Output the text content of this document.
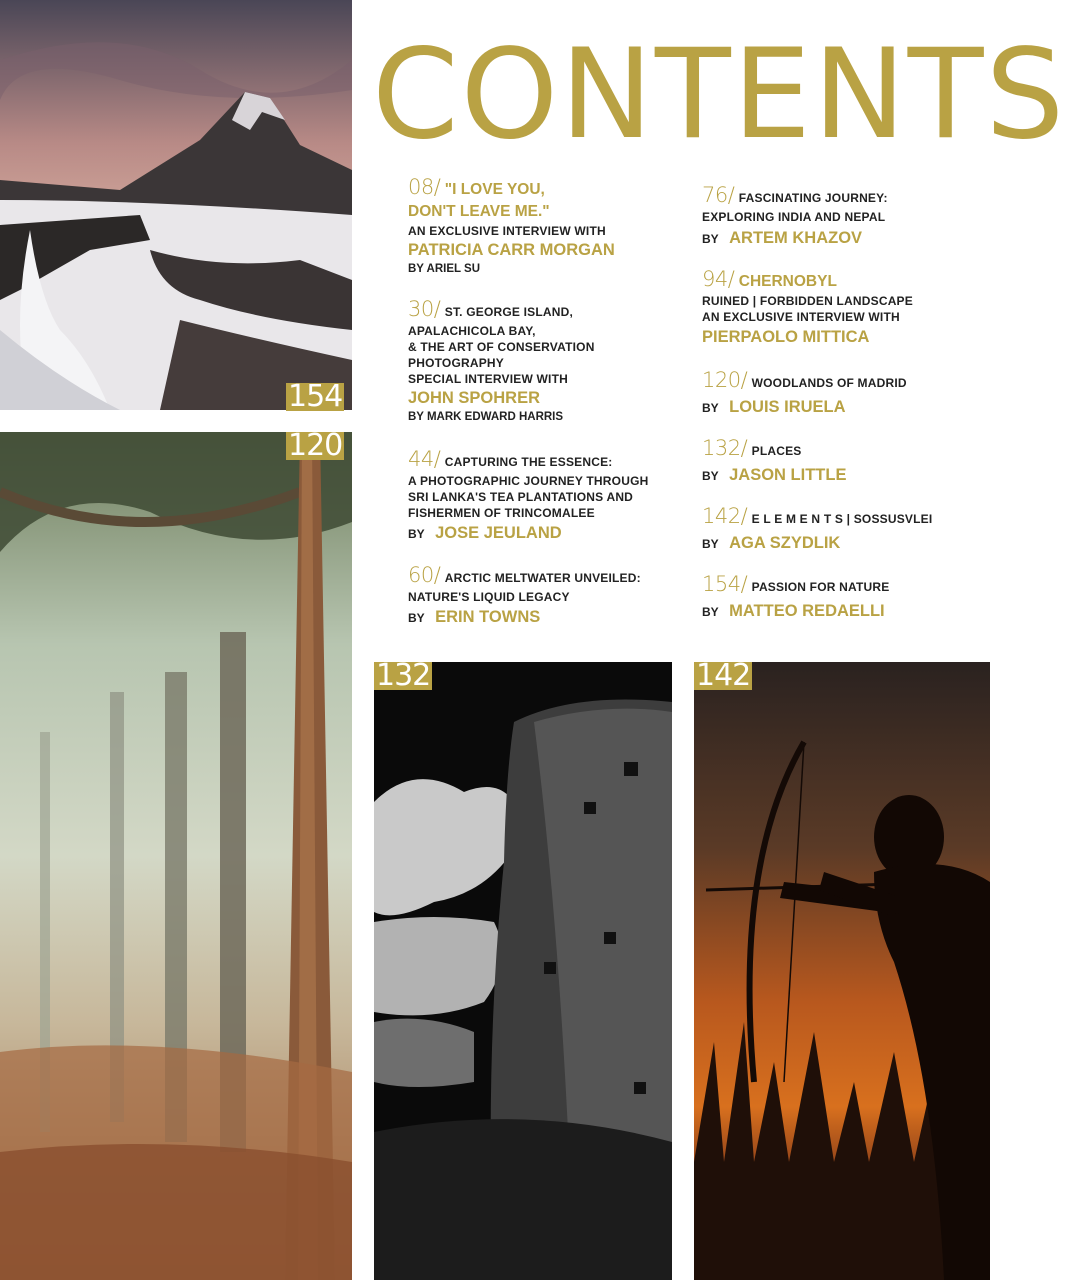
154
120
132	142
CONTENTS
08/ "I LOVE YOU,
DON'T LEAVE ME."
AN EXCLUSIVE INTERVIEW WITH
PATRICIA CARR MORGAN
BY ARIEL SU
30/ ST. GEORGE ISLAND,
APALACHICOLA BAY,
& THE ART OF CONSERVATION
PHOTOGRAPHY
SPECIAL INTERVIEW WITH
JOHN SPOHRER
BY MARK EDWARD HARRIS
44/ CAPTURING THE ESSENCE:
A PHOTOGRAPHIC JOURNEY THROUGH
SRI LANKA'S TEA PLANTATIONS AND
FISHERMEN OF TRINCOMALEE
BY JOSE JEULAND
60/ ARCTIC MELTWATER UNVEILED:
NATURE'S LIQUID LEGACY
BY ERIN TOWNS
76/ FASCINATING JOURNEY:
EXPLORING INDIA AND NEPAL
BY ARTEM KHAZOV
94/ CHERNOBYL
RUINED | FORBIDDEN LANDSCAPE
AN EXCLUSIVE INTERVIEW WITH
PIERPAOLO MITTICA
120/ WOODLANDS OF MADRID
BY LOUIS IRUELA
132/ PLACES
BY JASON LITTLE
142/ E L E M E N T S | SOSSUSVLEI
BY AGA SZYDLIK
154/ PASSION FOR NATURE
BY MATTEO REDAELLI
